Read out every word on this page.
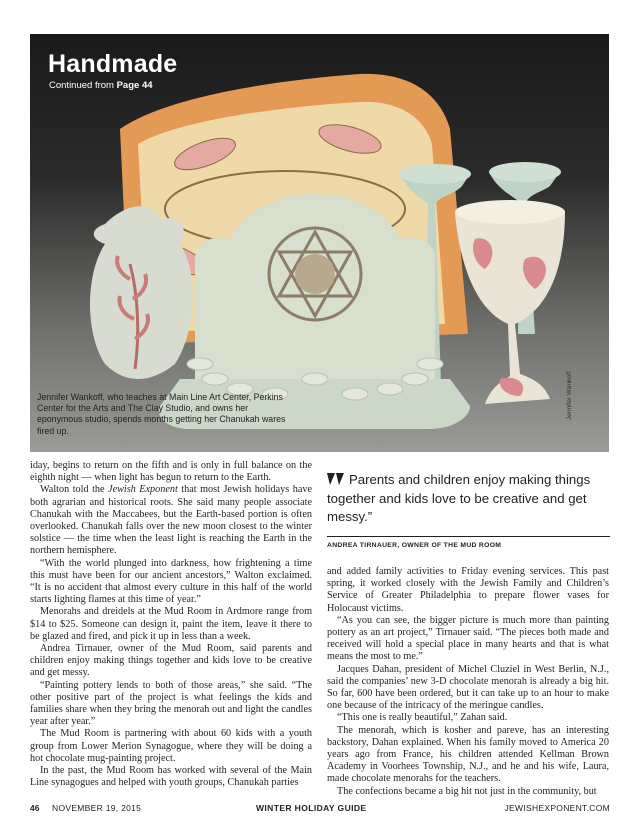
Handmade
Continued from Page 44
Jennifer Wankoff, who teaches at Main Line Art Center, Perkins Center for the Arts and The Clay Studio, and owns her eponymous studio, spends months getting her Chanukah wares fired up.
Jennifer Wankoff

iday, begins to return on the fifth and is only in full balance on the eighth night — when light has begun to return to the Earth.

Walton told the Jewish Exponent that most Jewish holidays have both agrarian and historical roots. She said many people associate Chanukah with the Maccabees, but the Earth-based portion is often overlooked. Chanukah falls over the new moon closest to the winter solstice — the time when the least light is reaching the Earth in the northern hemisphere.

“With the world plunged into darkness, how frightening a time this must have been for our ancient ancestors,” Walton exclaimed. “It is no accident that almost every culture in this half of the world starts lighting flames at this time of year.”

Menorahs and dreidels at the Mud Room in Ardmore range from $14 to $25. Someone can design it, paint the item, leave it there to be glazed and fired, and pick it up in less than a week.

Andrea Tirnauer, owner of the Mud Room, said parents and children enjoy making things together and kids love to be creative and get messy.

“Painting pottery lends to both of those areas,” she said. “The other positive part of the project is what feelings the kids and families share when they bring the menorah out and light the candles year after year.”

The Mud Room is partnering with about 60 kids with a youth group from Lower Merion Synagogue, where they will be doing a hot chocolate mug-painting project.

In the past, the Mud Room has worked with several of the Main Line synagogues and helped with youth groups, Chanukah parties

Parents and children enjoy making things together and kids love to be creative and get messy.”
ANDREA TIRNAUER, OWNER OF THE MUD ROOM

and added family activities to Friday evening services. This past spring, it worked closely with the Jewish Family and Children’s Service of Greater Philadelphia to prepare flower vases for Holocaust victims.

“As you can see, the bigger picture is much more than painting pottery as an art project,” Tirnauer said. “The pieces both made and received will hold a special place in many hearts and that is what means the most to me.”

Jacques Dahan, president of Michel Cluziel in West Berlin, N.J., said the companies’ new 3-D chocolate menorah is already a big hit. So far, 600 have been ordered, but it can take up to an hour to make one because of the intricacy of the meringue candles.

“This one is really beautiful,” Zahan said.

The menorah, which is kosher and pareve, has an interesting backstory, Dahan explained. When his family moved to America 20 years ago from France, his children attended Kellman Brown Academy in Voorhees Township, N.J., and he and his wife, Laura, made chocolate menorahs for the teachers.

The confections became a big hit not just in the community, but

46 NOVEMBER 19, 2015	WINTER HOLIDAY GUIDE	JEWISHEXPONENT.COM
